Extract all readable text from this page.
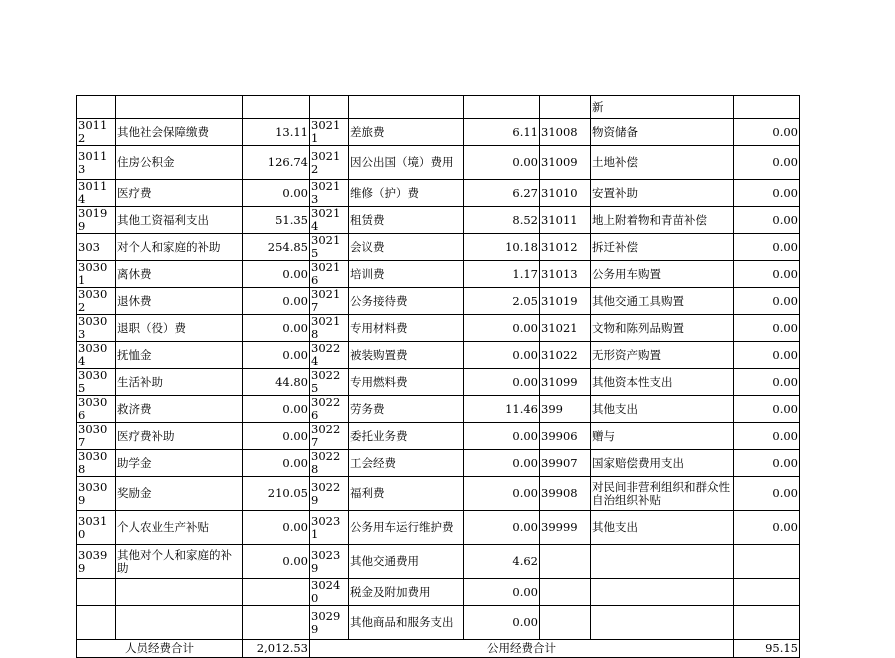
							新	
30112	其他社会保障缴费	13.11	30211	差旅费	6.11	31008	物资储备	0.00
30113	住房公积金	126.74	30212	因公出国（境）费用	0.00	31009	土地补偿	0.00
30114	医疗费	0.00	30213	维修（护）费	6.27	31010	安置补助	0.00
30199	其他工资福利支出	51.35	30214	租赁费	8.52	31011	地上附着物和青苗补偿	0.00
303	对个人和家庭的补助	254.85	30215	会议费	10.18	31012	拆迁补偿	0.00
30301	离休费	0.00	30216	培训费	1.17	31013	公务用车购置	0.00
30302	退休费	0.00	30217	公务接待费	2.05	31019	其他交通工具购置	0.00
30303	退职（役）费	0.00	30218	专用材料费	0.00	31021	文物和陈列品购置	0.00
30304	抚恤金	0.00	30224	被装购置费	0.00	31022	无形资产购置	0.00
30305	生活补助	44.80	30225	专用燃料费	0.00	31099	其他资本性支出	0.00
30306	救济费	0.00	30226	劳务费	11.46	399	其他支出	0.00
30307	医疗费补助	0.00	30227	委托业务费	0.00	39906	赠与	0.00
30308	助学金	0.00	30228	工会经费	0.00	39907	国家赔偿费用支出	0.00
30309	奖励金	210.05	30229	福利费	0.00	39908	对民间非营利组织和群众性自治组织补贴	0.00
30310	个人农业生产补贴	0.00	30231	公务用车运行维护费	0.00	39999	其他支出	0.00
30399	其他对个人和家庭的补助	0.00	30239	其他交通费用	4.62			
			30240	税金及附加费用	0.00			
			30299	其他商品和服务支出	0.00			
人员经费合计		2,012.53	公用经费合计					95.15
